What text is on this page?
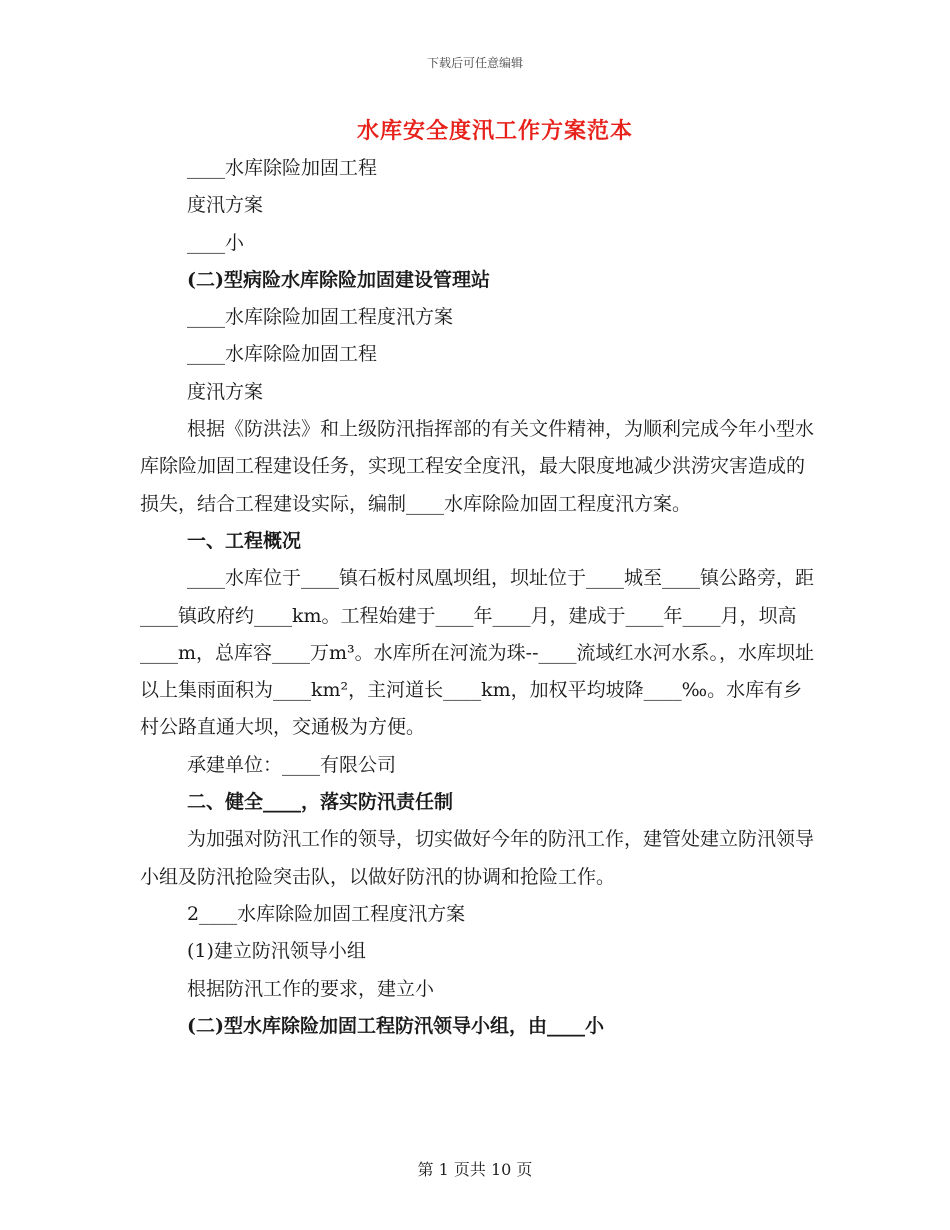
下载后可任意编辑
水库安全度汛工作方案范本

____水库除险加固工程

度汛方案

____小

(二)型病险水库除险加固建设管理站

____水库除险加固工程度汛方案

____水库除险加固工程

度汛方案

根据《防洪法》和上级防汛指挥部的有关文件精神，为顺利完成今年小型水库除险加固工程建设任务，实现工程安全度汛，最大限度地减少洪涝灾害造成的损失，结合工程建设实际，编制____水库除险加固工程度汛方案。

一、工程概况

____水库位于____镇石板村凤凰坝组，坝址位于____城至____镇公路旁，距____镇政府约____km。工程始建于____年____月，建成于____年____月，坝高____m，总库容____万m³。水库所在河流为珠--____流域红水河水系。，水库坝址以上集雨面积为____km²，主河道长____km，加权平均坡降____‰。水库有乡村公路直通大坝，交通极为方便。

承建单位：____有限公司

二、健全____，落实防汛责任制

为加强对防汛工作的领导，切实做好今年的防汛工作，建管处建立防汛领导小组及防汛抢险突击队，以做好防汛的协调和抢险工作。

2____水库除险加固工程度汛方案

(1)建立防汛领导小组

根据防汛工作的要求，建立小

(二)型水库除险加固工程防汛领导小组，由____小

第 1 页共 10 页
